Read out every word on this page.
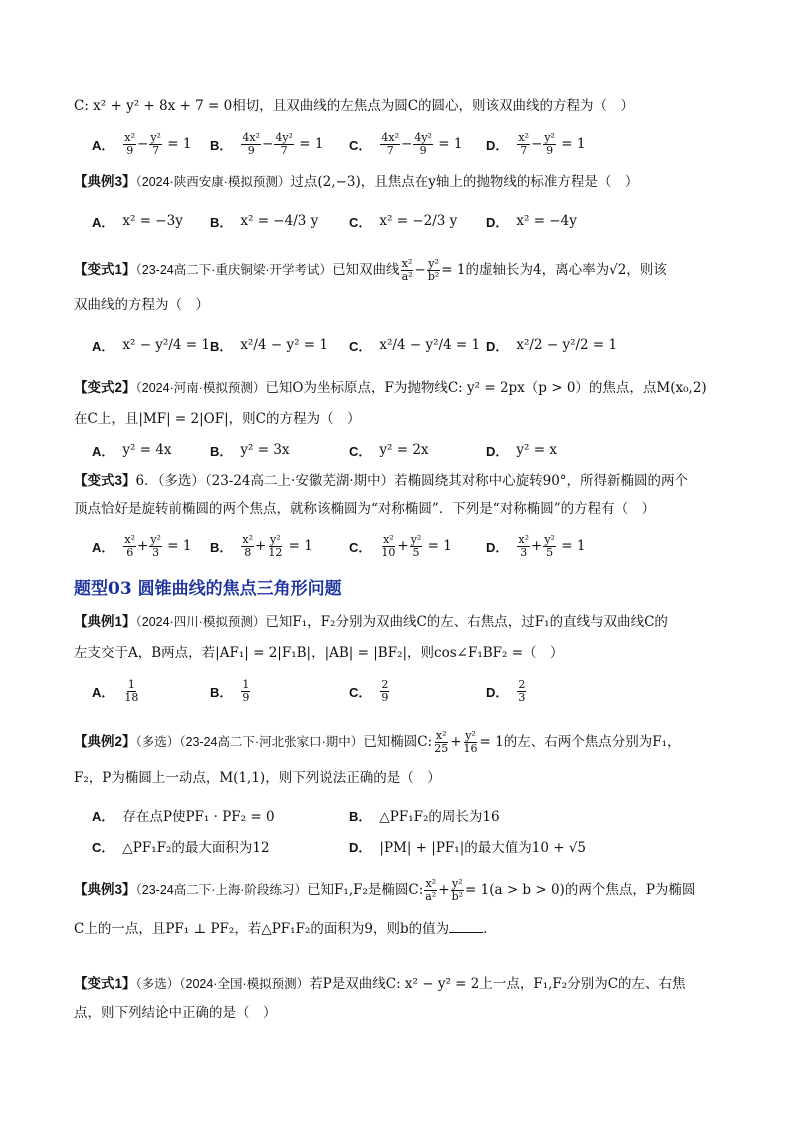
C: x² + y² + 8x + 7 = 0相切，且双曲线的左焦点为圆C的圆心，则该双曲线的方程为（　）
A． $\frac{\text{x²}}{9} - \frac{\text{y²}}{7} = 1$ B． $\frac{\text{4x²}}{9} - \frac{\text{4y²}}{7} = 1$ C． $\frac{\text{4x²}}{7} - \frac{\text{4y²}}{9} = 1$ D． $\frac{\text{x²}}{7} - \frac{\text{y²}}{9} = 1$
【典例3】（2024·陕西安康·模拟预测）过点(2,−3)，且焦点在y轴上的抛物线的标准方程是（　）
A． x² = −3y B． x² = −4/3 y C． x² = −2/3 y D． x² = −4y
【变式1】（23-24高二下·重庆铜梁·开学考试）已知双曲线 $\frac{\text{x²}}{\text{a²}} - \frac{\text{y²}}{\text{b²}} = 1$的虚轴长为4，离心率为√2，则该
双曲线的方程为（　）
A． x² − y²/4 = 1 B． x²/4 − y² = 1 C． x²/4 − y²/4 = 1 D． x²/2 − y²/2 = 1
【变式2】（2024·河南·模拟预测）已知O为坐标原点，F为抛物线C: y² = 2px（p > 0）的焦点，点M(x₀,2)
在C上，且|MF| = 2|OF|，则C的方程为（　）
A． y² = 4x	B． y² = 3x	C． y² = 2x	D． y² = x
【变式3】6．（多选）（23-24高二上·安徽芜湖·期中）若椭圆绕其对称中心旋转90°，所得新椭圆的两个
顶点恰好是旋转前椭圆的两个焦点，就称该椭圆为“对称椭圆”．下列是“对称椭圆”的方程有（　）
A． $\frac{\text{x²}}{6} + \frac{\text{y²}}{3} = 1$ B． $\frac{\text{x²}}{8} + \frac{\text{y²}}{12} = 1$	C． $\frac{\text{x²}}{10} + \frac{\text{y²}}{5} = 1$	D． $\frac{\text{x²}}{3} + \frac{\text{y²}}{5} = 1$
题型03 圆锥曲线的焦点三角形问题
【典例1】（2024·四川·模拟预测）已知F₁，F₂分别为双曲线C的左、右焦点，过F₁的直线与双曲线C的
左支交于A，B两点，若|AF₁| = 2|F₁B|，|AB| = |BF₂|，则cos∠F₁BF₂ =（　）
A． $\frac{1}{18}$	B． $\frac{1}{9}$	C． $\frac{2}{9}$	D． $\frac{2}{3}$
【典例2】（多选）（23-24高二下·河北张家口·期中）已知椭圆C: $\frac{\text{x²}}{25} + \frac{\text{y²}}{16} = 1$的左、右两个焦点分别为F₁，
F₂，P为椭圆上一动点，M(1,1)，则下列说法正确的是（　）
A． 存在点P使PF₁ · PF₂ = 0	B． △PF₁F₂的周长为16
C． △PF₁F₂的最大面积为12	D． |PM| + |PF₁|的最大值为10 + √5
【典例3】（23-24高二下·上海·阶段练习）已知F₁,F₂是椭圆C: $\frac{\text{x²}}{\text{a²}} + \frac{\text{y²}}{\text{b²}} = 1(a > b > 0)$的两个焦点，P为椭圆
C上的一点，且PF₁ ⊥ PF₂，若△PF₁F₂的面积为9，则b的值为	．
【变式1】（多选）（2024·全国·模拟预测）若P是双曲线C: x² − y² = 2上一点，F₁,F₂分别为C的左、右焦
点，则下列结论中正确的是（　）
